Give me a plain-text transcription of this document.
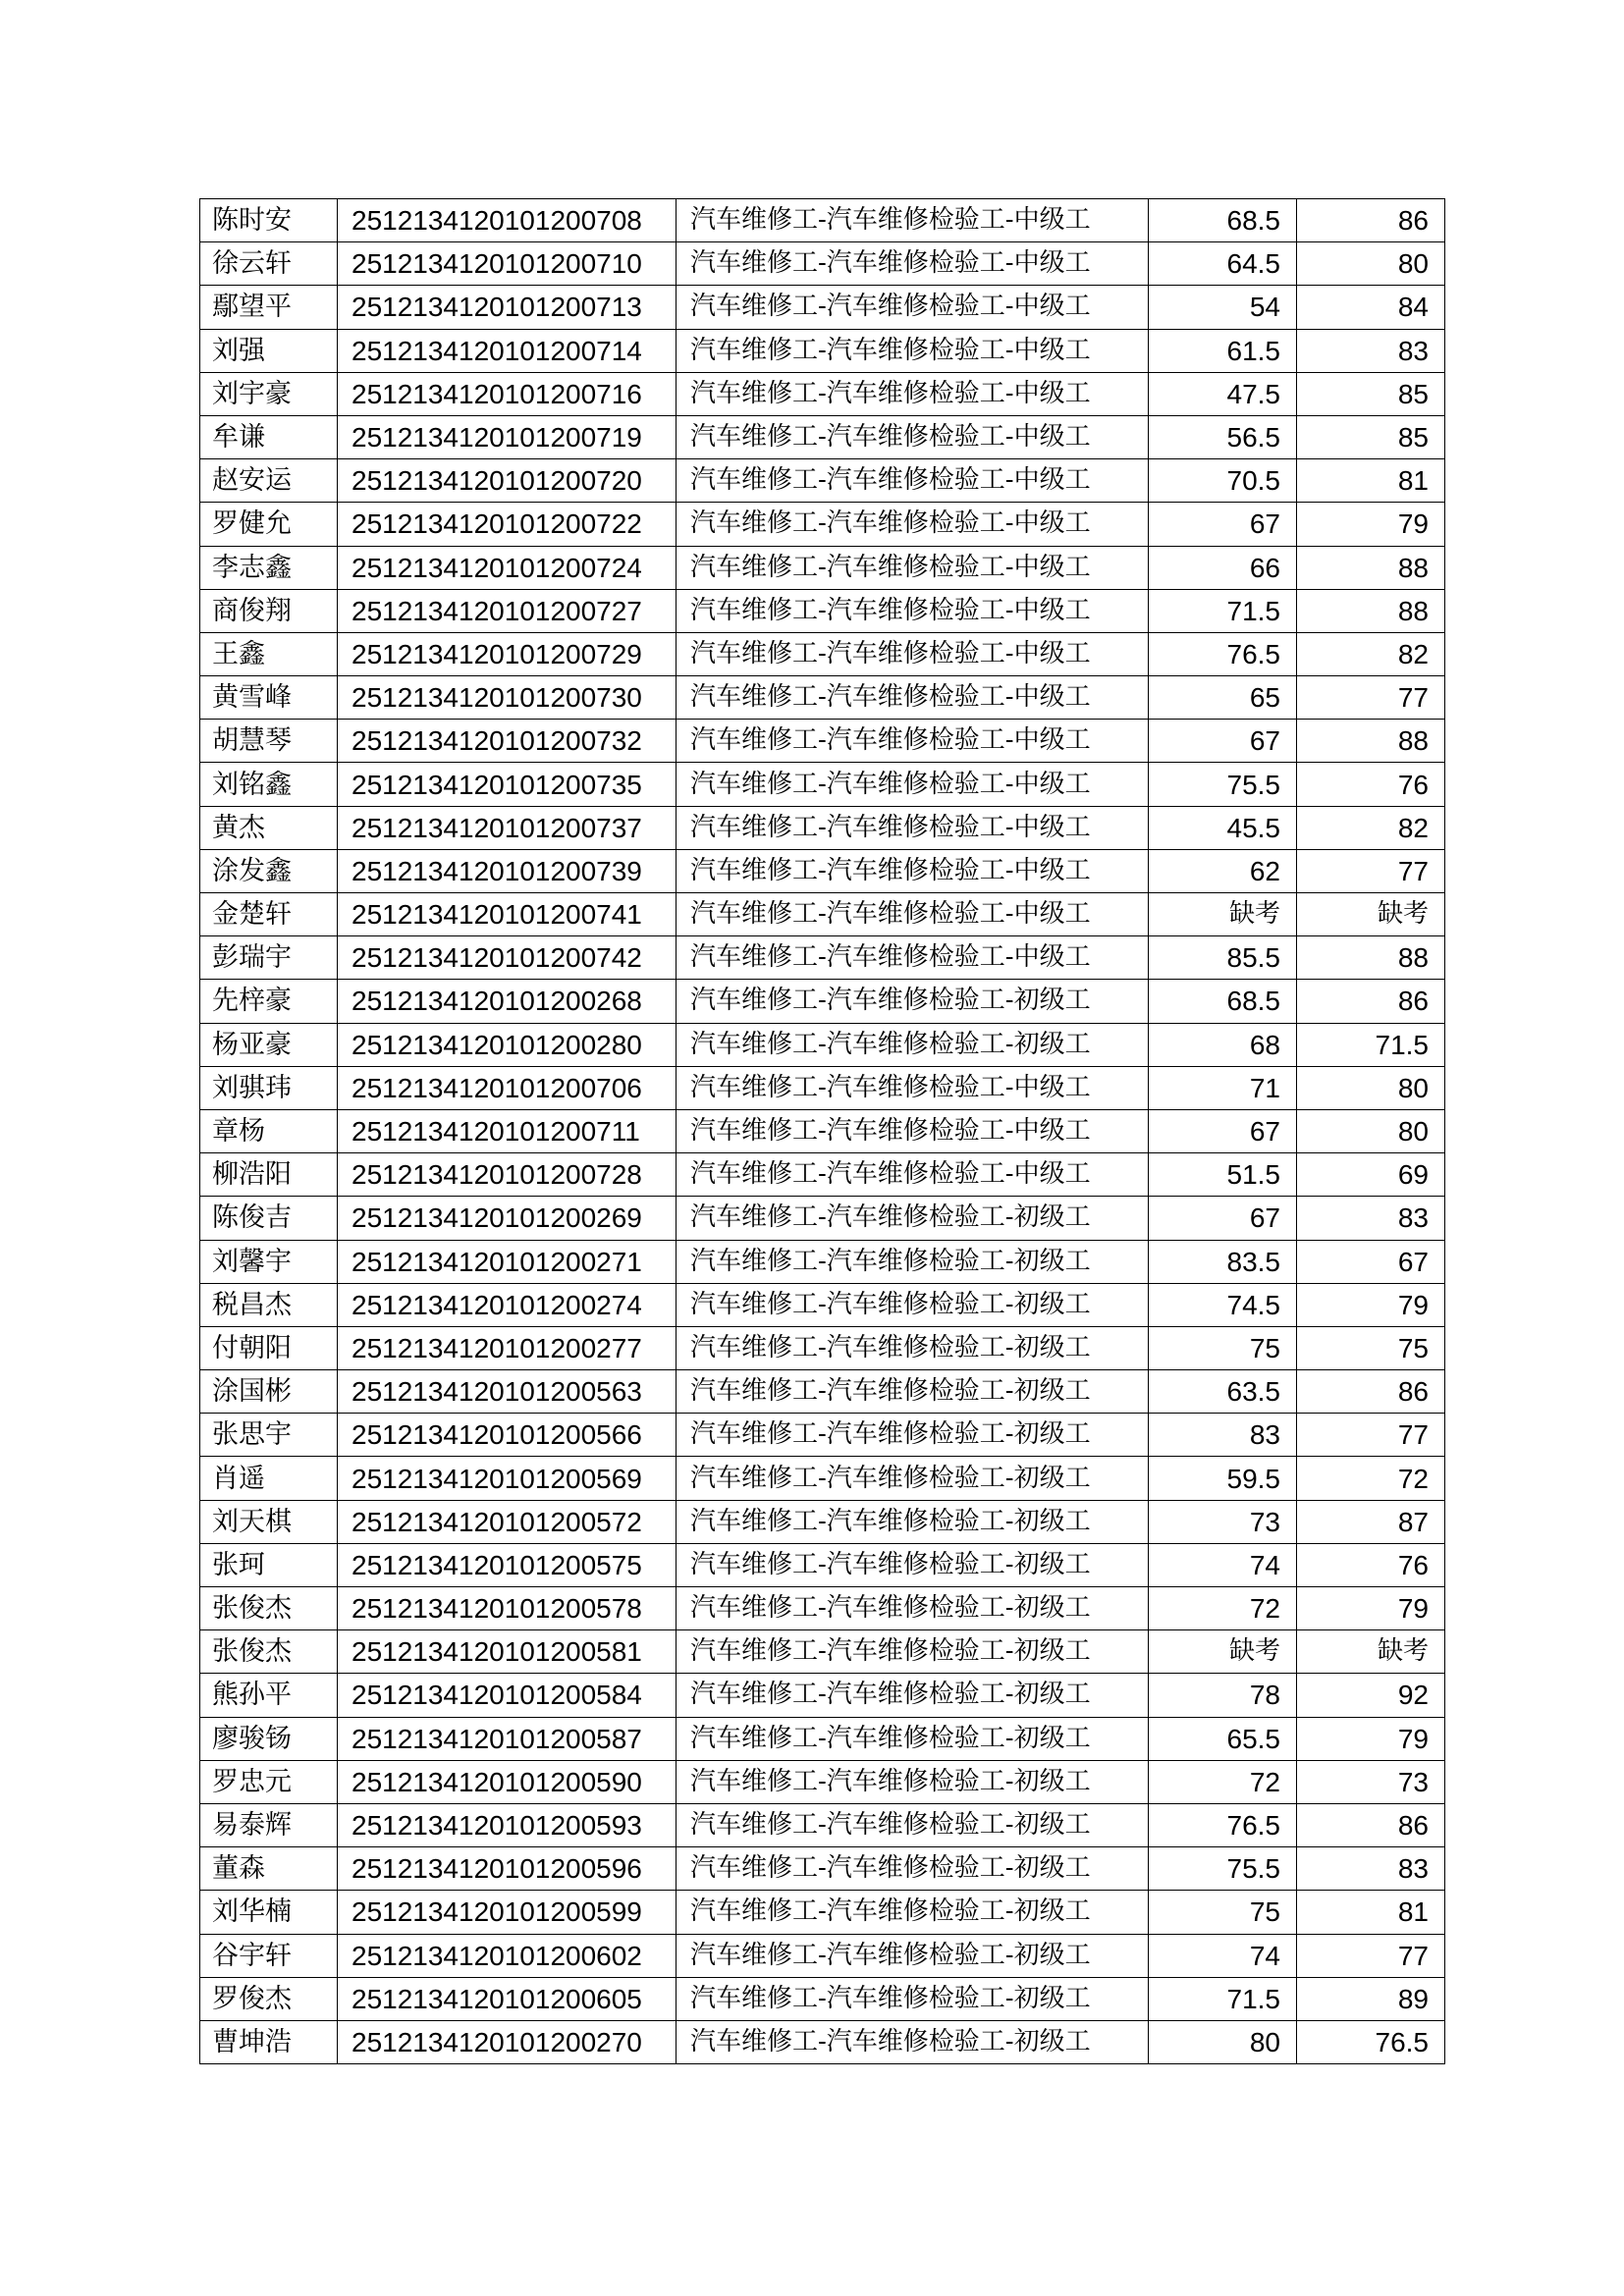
陈时安	2512134120101200708	汽车维修工-汽车维修检验工-中级工	68.5	86
徐云轩	2512134120101200710	汽车维修工-汽车维修检验工-中级工	64.5	80
鄢望平	2512134120101200713	汽车维修工-汽车维修检验工-中级工	54	84
刘强	2512134120101200714	汽车维修工-汽车维修检验工-中级工	61.5	83
刘宇豪	2512134120101200716	汽车维修工-汽车维修检验工-中级工	47.5	85
牟谦	2512134120101200719	汽车维修工-汽车维修检验工-中级工	56.5	85
赵安运	2512134120101200720	汽车维修工-汽车维修检验工-中级工	70.5	81
罗健允	2512134120101200722	汽车维修工-汽车维修检验工-中级工	67	79
李志鑫	2512134120101200724	汽车维修工-汽车维修检验工-中级工	66	88
商俊翔	2512134120101200727	汽车维修工-汽车维修检验工-中级工	71.5	88
王鑫	2512134120101200729	汽车维修工-汽车维修检验工-中级工	76.5	82
黄雪峰	2512134120101200730	汽车维修工-汽车维修检验工-中级工	65	77
胡慧琴	2512134120101200732	汽车维修工-汽车维修检验工-中级工	67	88
刘铭鑫	2512134120101200735	汽车维修工-汽车维修检验工-中级工	75.5	76
黄杰	2512134120101200737	汽车维修工-汽车维修检验工-中级工	45.5	82
涂发鑫	2512134120101200739	汽车维修工-汽车维修检验工-中级工	62	77
金楚轩	2512134120101200741	汽车维修工-汽车维修检验工-中级工	缺考	缺考
彭瑞宇	2512134120101200742	汽车维修工-汽车维修检验工-中级工	85.5	88
先梓豪	2512134120101200268	汽车维修工-汽车维修检验工-初级工	68.5	86
杨亚豪	2512134120101200280	汽车维修工-汽车维修检验工-初级工	68	71.5
刘骐玮	2512134120101200706	汽车维修工-汽车维修检验工-中级工	71	80
章杨	2512134120101200711	汽车维修工-汽车维修检验工-中级工	67	80
柳浩阳	2512134120101200728	汽车维修工-汽车维修检验工-中级工	51.5	69
陈俊吉	2512134120101200269	汽车维修工-汽车维修检验工-初级工	67	83
刘馨宇	2512134120101200271	汽车维修工-汽车维修检验工-初级工	83.5	67
税昌杰	2512134120101200274	汽车维修工-汽车维修检验工-初级工	74.5	79
付朝阳	2512134120101200277	汽车维修工-汽车维修检验工-初级工	75	75
涂国彬	2512134120101200563	汽车维修工-汽车维修检验工-初级工	63.5	86
张思宇	2512134120101200566	汽车维修工-汽车维修检验工-初级工	83	77
肖遥	2512134120101200569	汽车维修工-汽车维修检验工-初级工	59.5	72
刘天棋	2512134120101200572	汽车维修工-汽车维修检验工-初级工	73	87
张珂	2512134120101200575	汽车维修工-汽车维修检验工-初级工	74	76
张俊杰	2512134120101200578	汽车维修工-汽车维修检验工-初级工	72	79
张俊杰	2512134120101200581	汽车维修工-汽车维修检验工-初级工	缺考	缺考
熊孙平	2512134120101200584	汽车维修工-汽车维修检验工-初级工	78	92
廖骏钖	2512134120101200587	汽车维修工-汽车维修检验工-初级工	65.5	79
罗忠元	2512134120101200590	汽车维修工-汽车维修检验工-初级工	72	73
易泰辉	2512134120101200593	汽车维修工-汽车维修检验工-初级工	76.5	86
董森	2512134120101200596	汽车维修工-汽车维修检验工-初级工	75.5	83
刘华楠	2512134120101200599	汽车维修工-汽车维修检验工-初级工	75	81
谷宇轩	2512134120101200602	汽车维修工-汽车维修检验工-初级工	74	77
罗俊杰	2512134120101200605	汽车维修工-汽车维修检验工-初级工	71.5	89
曹坤浩	2512134120101200270	汽车维修工-汽车维修检验工-初级工	80	76.5
